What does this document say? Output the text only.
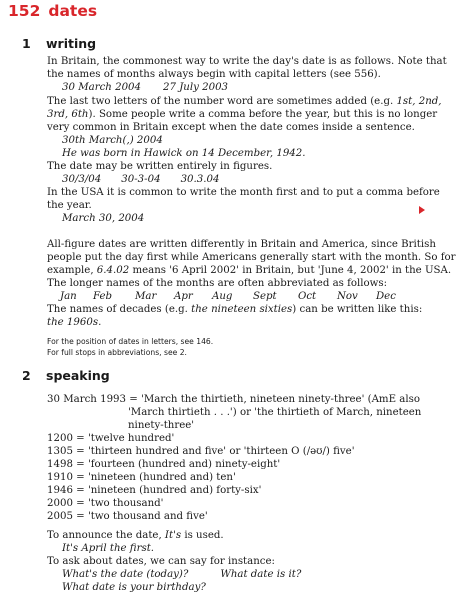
152 dates
1 writing
In Britain, the commonest way to write the day's date is as follows. Note that
the names of months always begin with capital letters (see 556).
30 March 2004 27 July 2003
The last two letters of the number word are sometimes added (e.g. 1st, 2nd,
3rd, 6th). Some people write a comma before the year, but this is no longer
very common in Britain except when the date comes inside a sentence.
30th March(,) 2004
He was born in Hawick on 14 December, 1942.
The date may be written entirely in figures.
30/3/04 30-3-04 30.3.04
In the USA it is common to write the month first and to put a comma before
the year.
March 30, 2004
All-figure dates are written differently in Britain and America, since British
people put the day first while Americans generally start with the month. So for
example, 6.4.02 means '6 April 2002' in Britain, but 'June 4, 2002' in the USA.
The longer names of the months are often abbreviated as follows:
Jan Feb Mar Apr Aug Sept Oct Nov Dec
The names of decades (e.g. the nineteen sixties) can be written like this:
the 1960s.
For the position of dates in letters, see 146.
For full stops in abbreviations, see 2.
2 speaking
30 March 1993 = 'March the thirtieth, nineteen ninety-three' (AmE also
'March thirtieth . . .') or 'the thirtieth of March, nineteen
ninety-three'
1200 = 'twelve hundred'
1305 = 'thirteen hundred and five' or 'thirteen O (/əʊ/) five'
1498 = 'fourteen (hundred and) ninety-eight'
1910 = 'nineteen (hundred and) ten'
1946 = 'nineteen (hundred and) forty-six'
2000 = 'two thousand'
2005 = 'two thousand and five'
To announce the date, It's is used.
It's April the first.
To ask about dates, we can say for instance:
What's the date (today)?	What date is it?
What date is your birthday?
